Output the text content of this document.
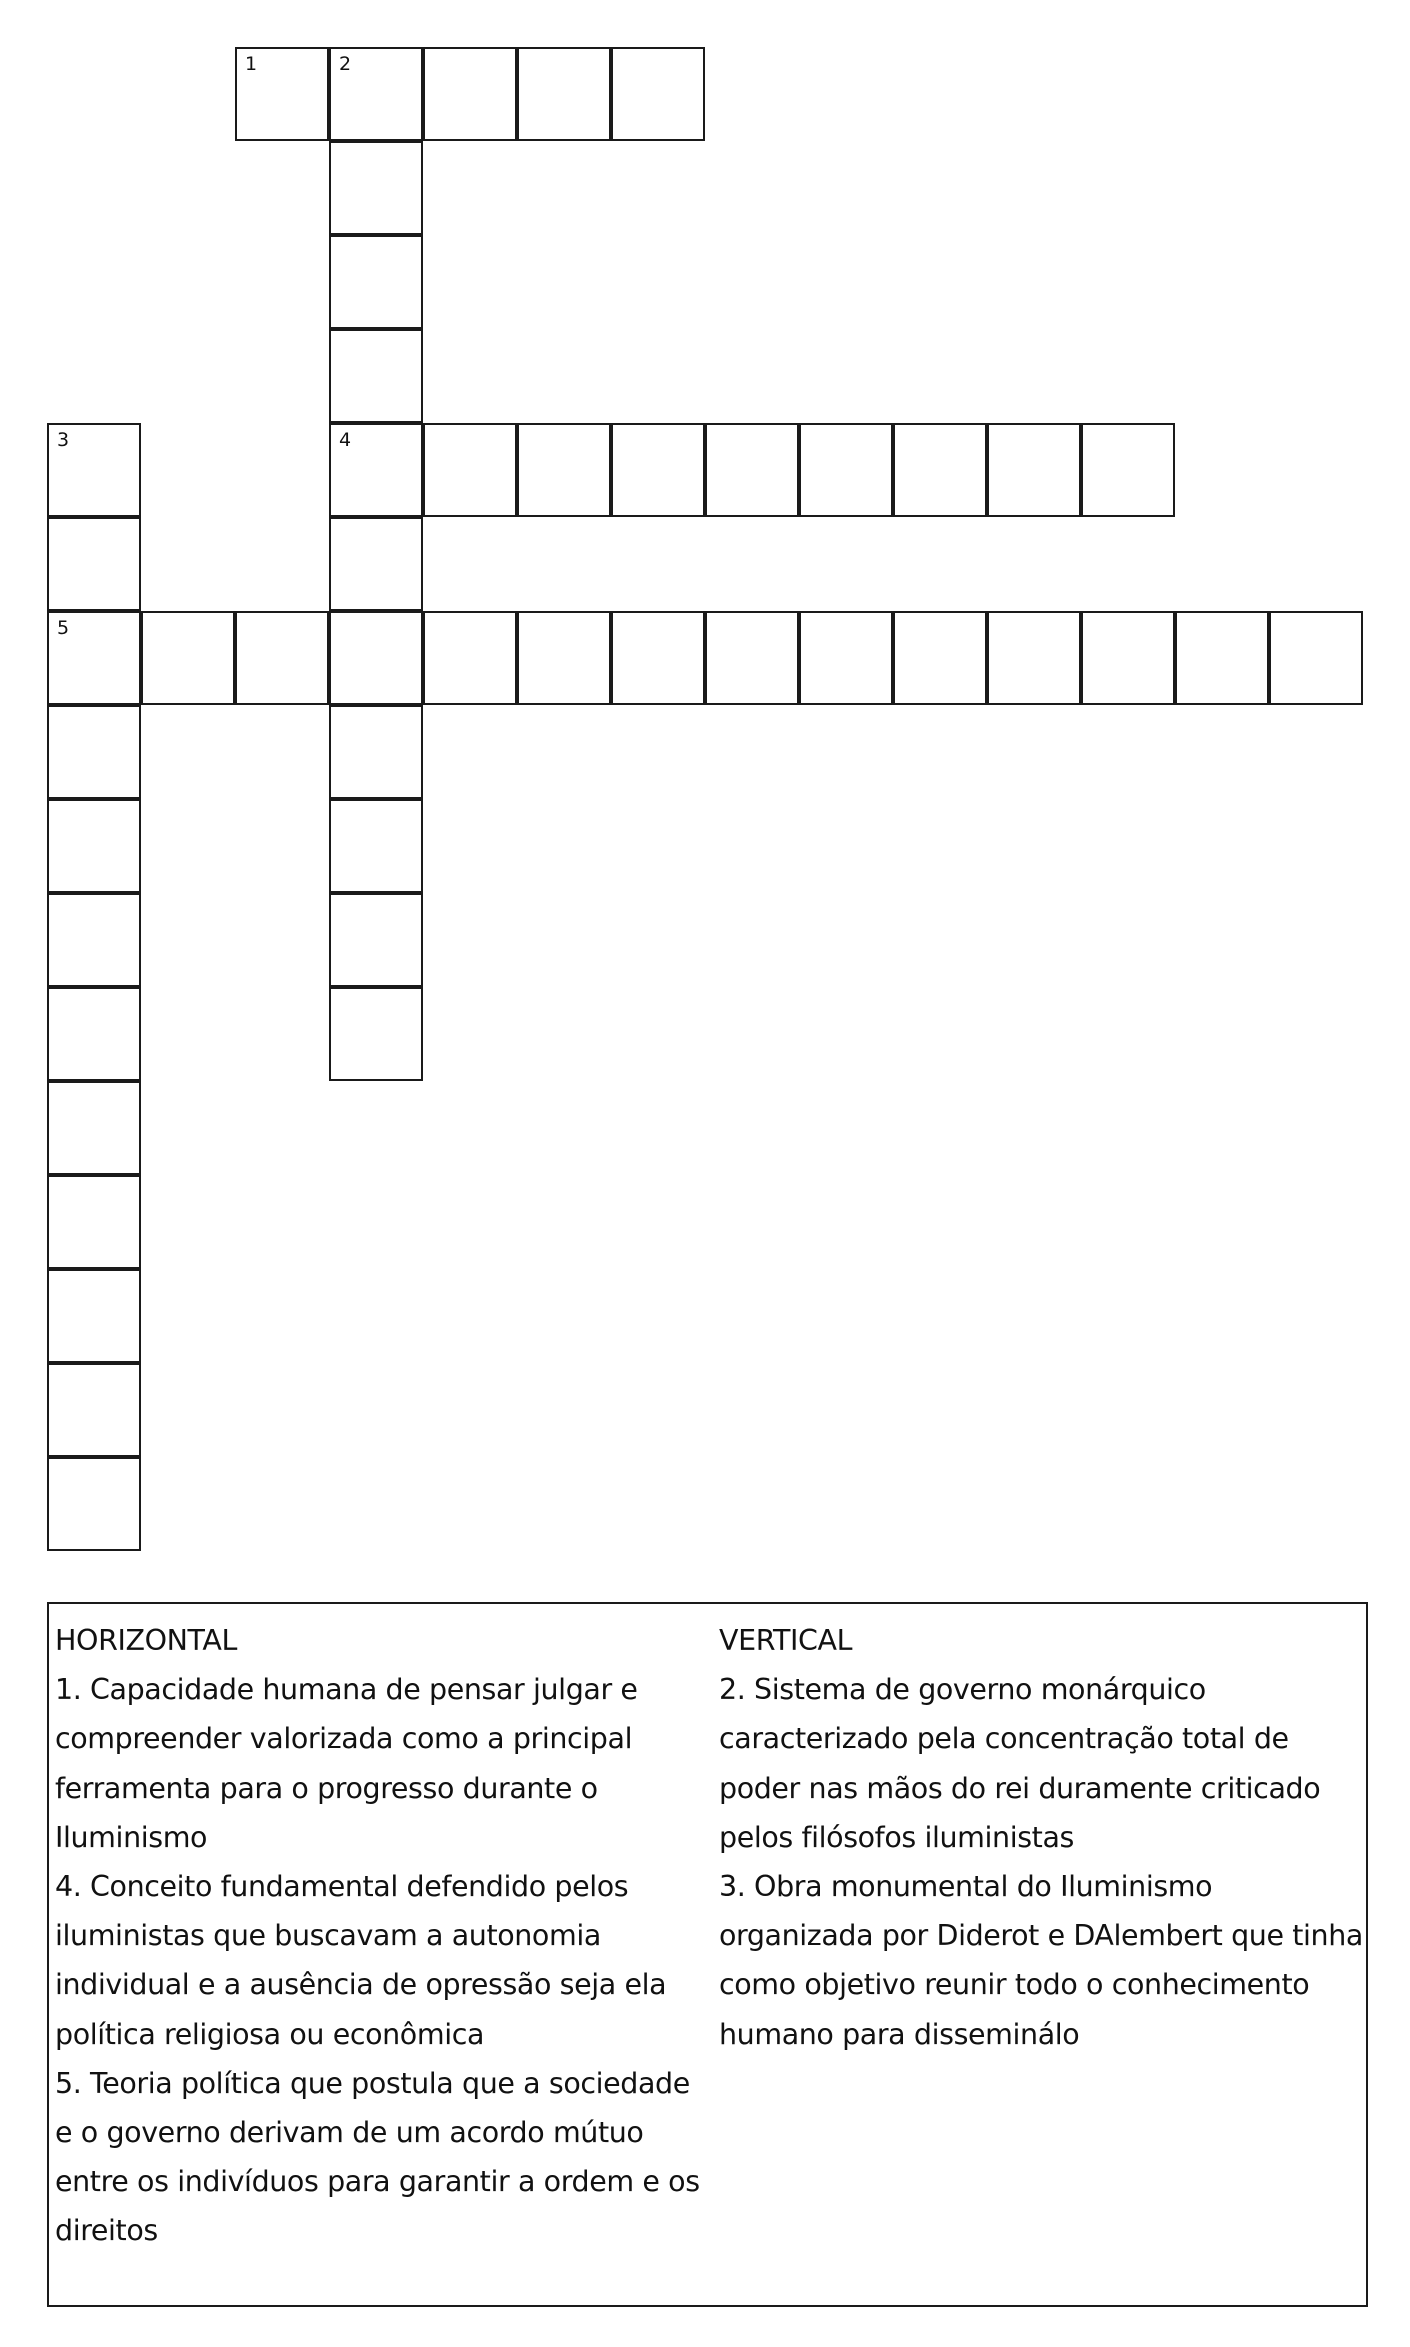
1	2
4
3
5
HORIZONTAL
1. Capacidade humana de pensar julgar e compreender valorizada como a principal ferramenta para o progresso durante o Iluminismo
4. Conceito fundamental defendido pelos iluministas que buscavam a autonomia individual e a ausência de opressão seja ela política religiosa ou econômica
5. Teoria política que postula que a sociedade e o governo derivam de um acordo mútuo entre os indivíduos para garantir a ordem e os direitos
VERTICAL
2. Sistema de governo monárquico caracterizado pela concentração total de poder nas mãos do rei duramente criticado pelos filósofos iluministas
3. Obra monumental do Iluminismo organizada por Diderot e DAlembert que tinha como objetivo reunir todo o conhecimento humano para disseminálo
